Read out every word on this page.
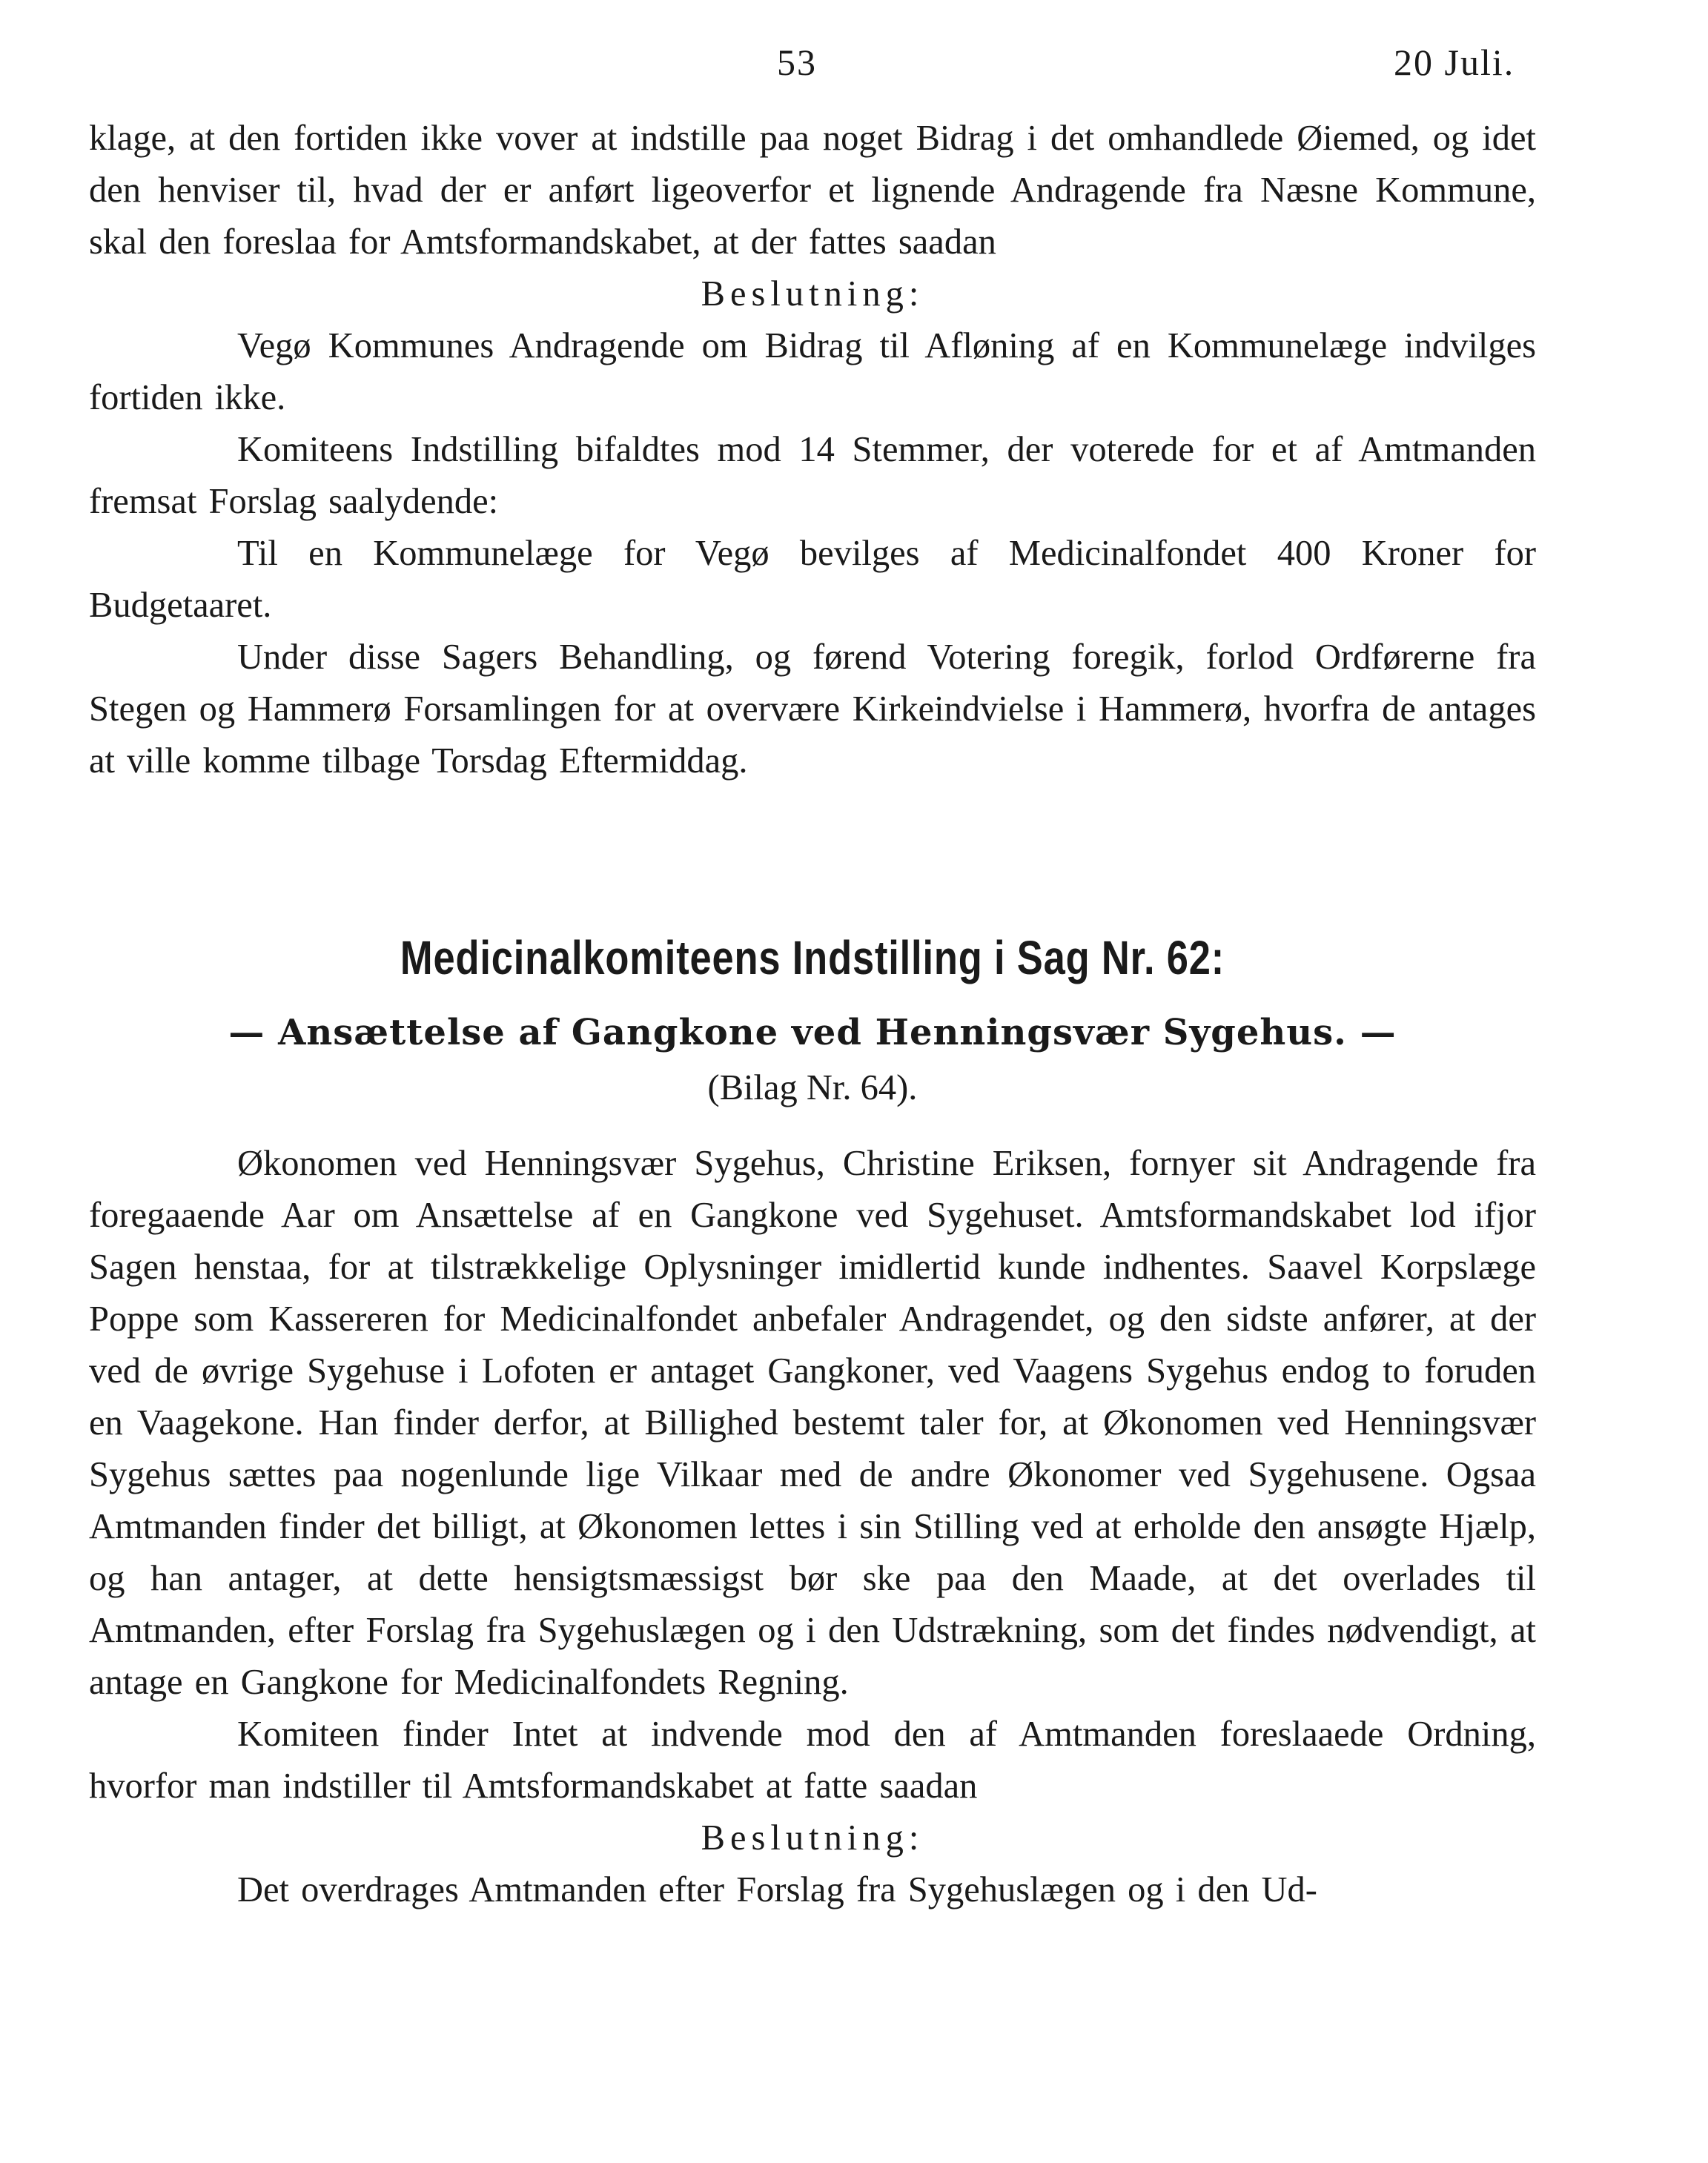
53	20 Juli.

klage, at den fortiden ikke vover at indstille paa noget Bidrag i det omhandlede Øiemed, og idet den henviser til, hvad der er anført ligeoverfor et lignende Andragende fra Næsne Kommune, skal den foreslaa for Amtsformandskabet, at der fattes saadan

Beslutning:

Vegø Kommunes Andragende om Bidrag til Afløning af en Kommunelæge indvilges fortiden ikke.

Komiteens Indstilling bifaldtes mod 14 Stemmer, der voterede for et af Amtmanden fremsat Forslag saalydende:

Til en Kommunelæge for Vegø bevilges af Medicinalfondet 400 Kroner for Budgetaaret.

Under disse Sagers Behandling, og førend Votering foregik, forlod Ordførerne fra Stegen og Hammerø Forsamlingen for at overvære Kirkeindvielse i Hammerø, hvorfra de antages at ville komme tilbage Torsdag Eftermiddag.

Medicinalkomiteens Indstilling i Sag Nr. 62:
— Ansættelse af Gangkone ved Henningsvær Sygehus. —
(Bilag Nr. 64).

Økonomen ved Henningsvær Sygehus, Christine Eriksen, fornyer sit Andragende fra foregaaende Aar om Ansættelse af en Gangkone ved Sygehuset. Amtsformandskabet lod ifjor Sagen henstaa, for at tilstrækkelige Oplysninger imidlertid kunde indhentes. Saavel Korpslæge Poppe som Kassereren for Medicinalfondet anbefaler Andragendet, og den sidste anfører, at der ved de øvrige Sygehuse i Lofoten er antaget Gangkoner, ved Vaagens Sygehus endog to foruden en Vaagekone. Han finder derfor, at Billighed bestemt taler for, at Økonomen ved Henningsvær Sygehus sættes paa nogenlunde lige Vilkaar med de andre Økonomer ved Sygehusene. Ogsaa Amtmanden finder det billigt, at Økonomen lettes i sin Stilling ved at erholde den ansøgte Hjælp, og han antager, at dette hensigtsmæssigst bør ske paa den Maade, at det overlades til Amtmanden, efter Forslag fra Sygehuslægen og i den Udstrækning, som det findes nødvendigt, at antage en Gangkone for Medicinalfondets Regning.

Komiteen finder Intet at indvende mod den af Amtmanden foreslaaede Ordning, hvorfor man indstiller til Amtsformandskabet at fatte saadan

Beslutning:

Det overdrages Amtmanden efter Forslag fra Sygehuslægen og i den Ud-
